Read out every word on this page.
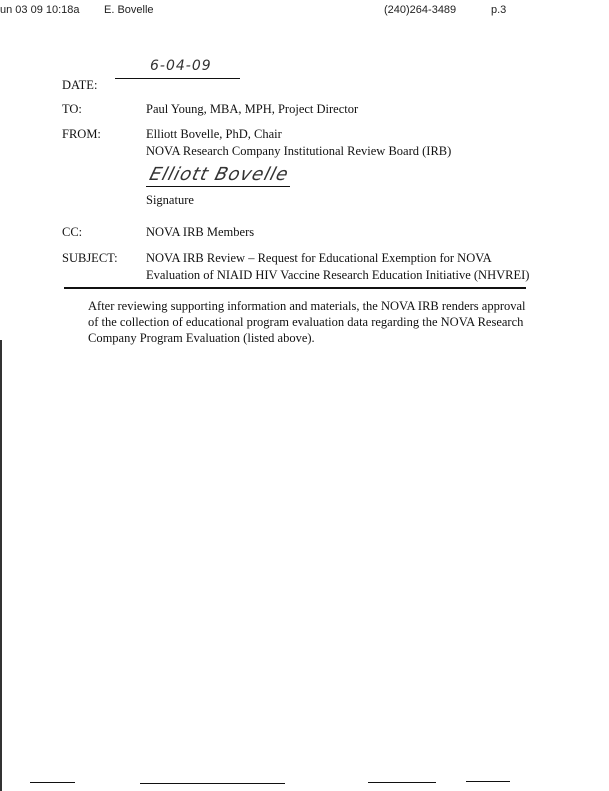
un 03 09 10:18a E. Bovelle	(240)264-3489	p.3
DATE:
6-04-09
TO:	Paul Young, MBA, MPH, Project Director
FROM:	Elliott Bovelle, PhD, Chair
NOVA Research Company Institutional Review Board (IRB)
Elliott Bovelle
Signature
CC:	NOVA IRB Members
SUBJECT: NOVA IRB Review – Request for Educational Exemption for NOVA
Evaluation of NIAID HIV Vaccine Research Education Initiative (NHVREI)
After reviewing supporting information and materials, the NOVA IRB renders approval of the collection of educational program evaluation data regarding the NOVA Research Company Program Evaluation (listed above).
